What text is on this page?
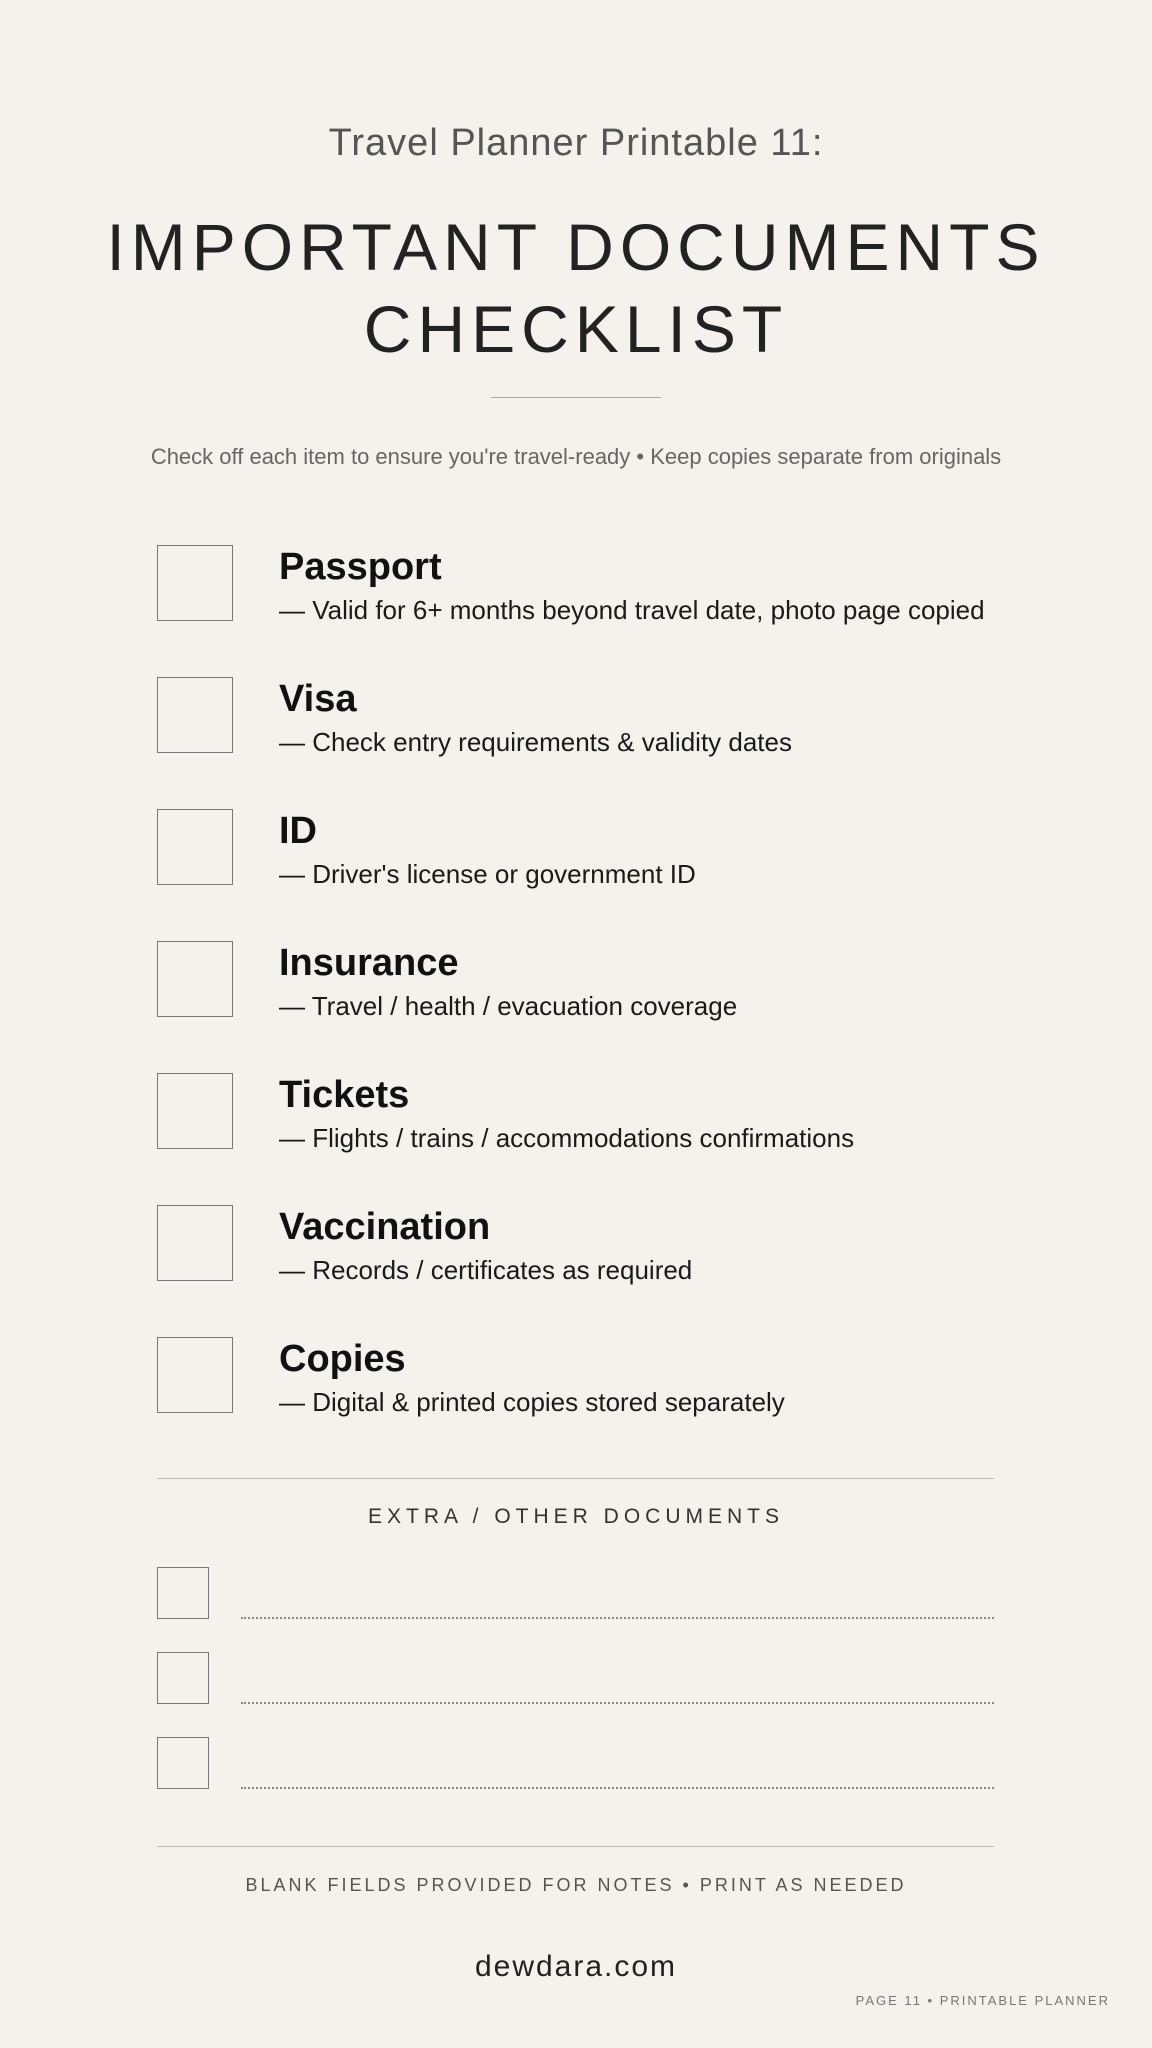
Travel Planner Printable 11:
IMPORTANT DOCUMENTS
CHECKLIST
Check off each item to ensure you're travel-ready • Keep copies separate from originals
Passport
— Valid for 6+ months beyond travel date, photo page copied
Visa
— Check entry requirements & validity dates
ID
— Driver's license or government ID
Insurance
— Travel / health / evacuation coverage
Tickets
— Flights / trains / accommodations confirmations
Vaccination
— Records / certificates as required
Copies
— Digital & printed copies stored separately
EXTRA / OTHER DOCUMENTS
BLANK FIELDS PROVIDED FOR NOTES • PRINT AS NEEDED
dewdara.com
PAGE 11 • PRINTABLE PLANNER
